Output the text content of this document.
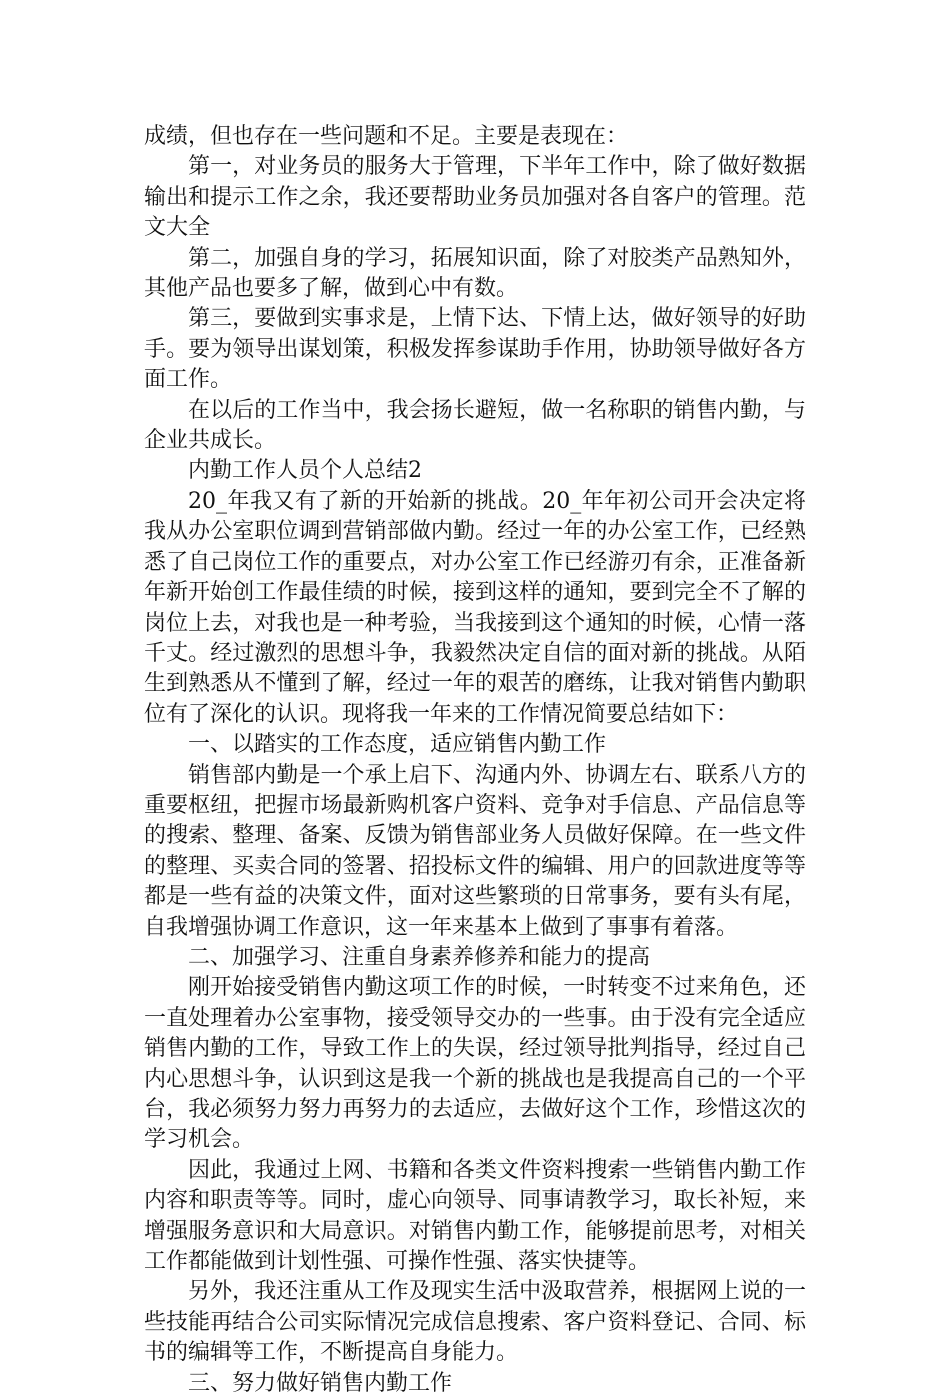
成绩，但也存在一些问题和不足。主要是表现在：

第一，对业务员的服务大于管理，下半年工作中，除了做好数据输出和提示工作之余，我还要帮助业务员加强对各自客户的管理。范文大全

第二，加强自身的学习，拓展知识面，除了对胶类产品熟知外，其他产品也要多了解，做到心中有数。

第三，要做到实事求是，上情下达、下情上达，做好领导的好助手。要为领导出谋划策，积极发挥参谋助手作用，协助领导做好各方面工作。

在以后的工作当中，我会扬长避短，做一名称职的销售内勤，与企业共成长。

内勤工作人员个人总结2

20_年我又有了新的开始新的挑战。20_年年初公司开会决定将我从办公室职位调到营销部做内勤。经过一年的办公室工作，已经熟悉了自己岗位工作的重要点，对办公室工作已经游刃有余，正准备新年新开始创工作最佳绩的时候，接到这样的通知，要到完全不了解的岗位上去，对我也是一种考验，当我接到这个通知的时候，心情一落千丈。经过激烈的思想斗争，我毅然决定自信的面对新的挑战。从陌生到熟悉从不懂到了解，经过一年的艰苦的磨练，让我对销售内勤职位有了深化的认识。现将我一年来的工作情况简要总结如下：

一、以踏实的工作态度，适应销售内勤工作

销售部内勤是一个承上启下、沟通内外、协调左右、联系八方的重要枢纽，把握市场最新购机客户资料、竞争对手信息、产品信息等的搜索、整理、备案、反馈为销售部业务人员做好保障。在一些文件的整理、买卖合同的签署、招投标文件的编辑、用户的回款进度等等都是一些有益的决策文件，面对这些繁琐的日常事务，要有头有尾，自我增强协调工作意识，这一年来基本上做到了事事有着落。

二、加强学习、注重自身素养修养和能力的提高

刚开始接受销售内勤这项工作的时候，一时转变不过来角色，还一直处理着办公室事物，接受领导交办的一些事。由于没有完全适应销售内勤的工作，导致工作上的失误，经过领导批判指导，经过自己内心思想斗争，认识到这是我一个新的挑战也是我提高自己的一个平台，我必须努力努力再努力的去适应，去做好这个工作，珍惜这次的学习机会。

因此，我通过上网、书籍和各类文件资料搜索一些销售内勤工作内容和职责等等。同时，虚心向领导、同事请教学习，取长补短，来增强服务意识和大局意识。对销售内勤工作，能够提前思考，对相关工作都能做到计划性强、可操作性强、落实快捷等。

另外，我还注重从工作及现实生活中汲取营养，根据网上说的一些技能再结合公司实际情况完成信息搜索、客户资料登记、合同、标书的编辑等工作，不断提高自身能力。

三、努力做好销售内勤工作
